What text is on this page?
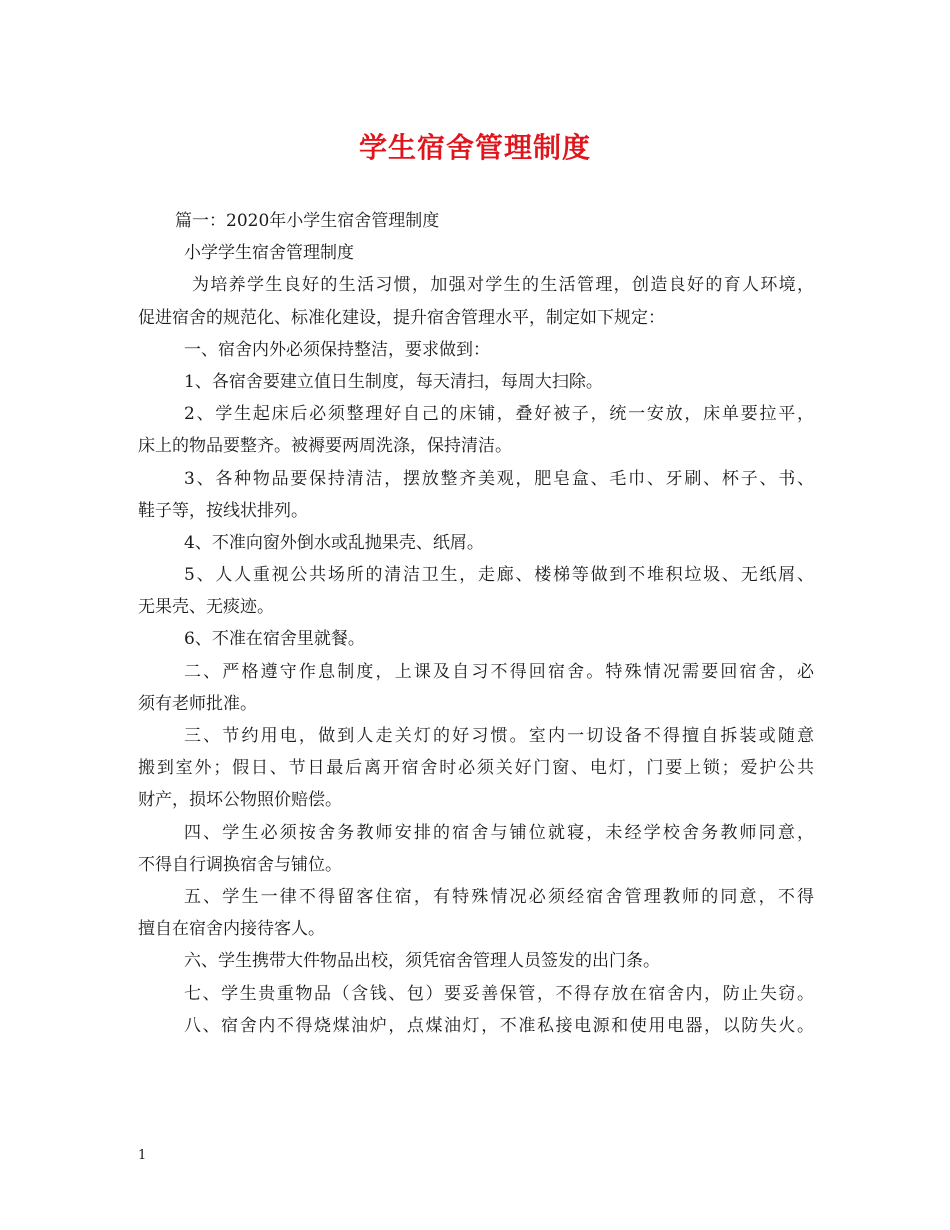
学生宿舍管理制度
篇一：2020年小学生宿舍管理制度
小学学生宿舍管理制度
为培养学生良好的生活习惯，加强对学生的生活管理，创造良好的育人环境，
促进宿舍的规范化、标准化建设，提升宿舍管理水平，制定如下规定：
一、宿舍内外必须保持整洁，要求做到：
1、各宿舍要建立值日生制度，每天清扫，每周大扫除。
2、学生起床后必须整理好自己的床铺，叠好被子，统一安放，床单要拉平，
床上的物品要整齐。被褥要两周洗涤，保持清洁。
3、各种物品要保持清洁，摆放整齐美观，肥皂盒、毛巾、牙刷、杯子、书、
鞋子等，按线状排列。
4、不准向窗外倒水或乱抛果壳、纸屑。
5、人人重视公共场所的清洁卫生，走廊、楼梯等做到不堆积垃圾、无纸屑、
无果壳、无痰迹。
6、不准在宿舍里就餐。
二、严格遵守作息制度，上课及自习不得回宿舍。特殊情况需要回宿舍，必
须有老师批准。
三、节约用电，做到人走关灯的好习惯。室内一切设备不得擅自拆装或随意
搬到室外；假日、节日最后离开宿舍时必须关好门窗、电灯，门要上锁；爱护公共
财产，损坏公物照价赔偿。
四、学生必须按舍务教师安排的宿舍与铺位就寝，未经学校舍务教师同意，
不得自行调换宿舍与铺位。
五、学生一律不得留客住宿，有特殊情况必须经宿舍管理教师的同意，不得
擅自在宿舍内接待客人。
六、学生携带大件物品出校，须凭宿舍管理人员签发的出门条。
七、学生贵重物品（含钱、包）要妥善保管，不得存放在宿舍内，防止失窃。
八、宿舍内不得烧煤油炉，点煤油灯，不准私接电源和使用电器，以防失火。
1
